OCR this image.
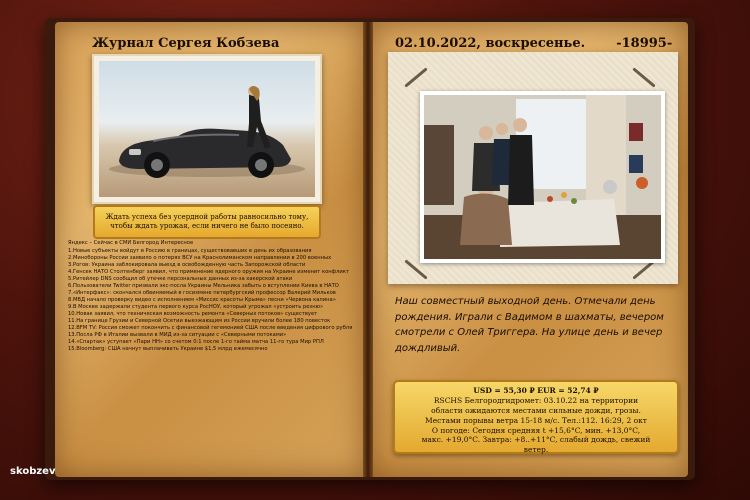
Журнал Сергея Кобзева
Ждать успеха без усердной работы равносильно тому, чтобы ждать урожая, если ничего не было посеяно.
Яндекс – Сейчас в СМИ Белгород Интересное
1.Новые субъекты войдут в Россию в границах, существовавших в день их образования
2.Минобороны России заявило о потерях ВСУ на Краснолиманском направлении в 200 военных
3.Рогов: Украина заблокировала выезд в освобожденную часть Запорожской области
4.Генсек НАТО Столтенберг заявил, что применение ядерного оружия на Украине изменит конфликт
5.Ритейлер DNS сообщил об утечке персональных данных из-за хакерской атаки
6.Пользователи Twitter призвали экс-посла Украины Мельника забыть о вступлении Киева в НАТО
7.«Интерфакс»: скончался обвиняемый в госизмене петербургский профессор Валерий Мильков
8.МВД начало проверку видео с исполнением «Миссис красоты Крыма» песни «Червона калина»
9.В Москве задержали студента первого курса РосНОУ, который угрожал «устроить резню»
10.Новак заявил, что техническая возможность ремонта «Северных потоков» существует
11.На границе Грузии и Северной Осетии выезжающим из России вручили более 180 повесток
12.BFM TV: Россия сможет покончить с финансовой гегемонией США после введения цифрового рубля
13.Посла РФ в Италии вызвали в МИД из-за ситуации с «Северными потоками»
14.«Спартак» уступает «Пари НН» со счетом 0:1 после 1-го тайма матча 11-го тура Мир РПЛ
15.Bloomberg: США начнут выплачивать Украине $1,5 млрд ежемесячно
02.10.2022, воскресенье. -18995-
Наш совместный выходной день. Отмечали день рождения. Играли с Вадимом в шахматы, вечером смотрели с Олей Триггера. На улице день и вечер дождливый.
USD = 55,30 ₽ EUR = 52,74 ₽
RSCHS Белгородгидромет: 03.10.22 на территории
области ожидаются местами сильные дожди, грозы.
Местами порывы ветра 15-18 м/с. Тел.:112. 16:29, 2 окт
О погоде: Сегодня средняя t +15,6°C, мин. +13,0°C,
макс. +19,0°C. Завтра: +8..+11°C, слабый дождь, свежий
ветер.
skobzev
